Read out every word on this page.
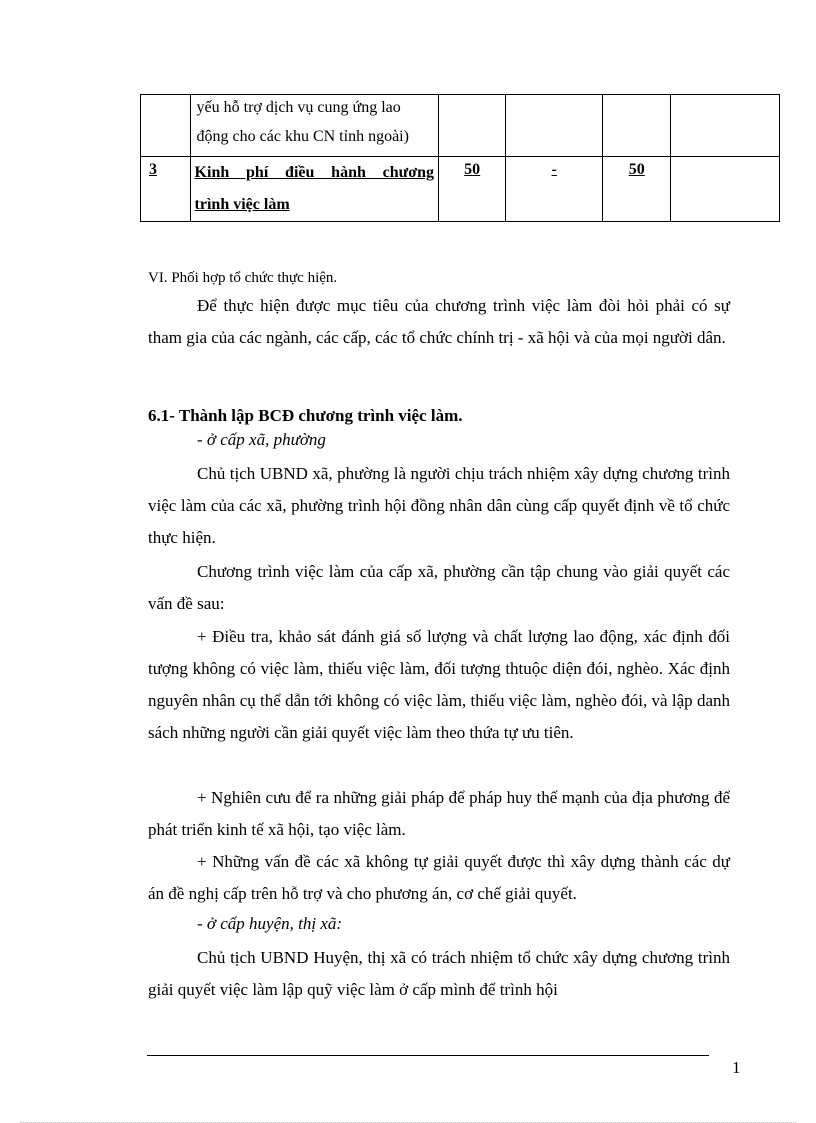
	yếu hỗ trợ dịch vụ cung ứng lao
động cho các khu CN tỉnh ngoài)				

3	Kinh phí điều hành chương
trình việc làm	50	-	50	

VI. Phối hợp tổ chức thực hiện.
Để thực hiện được mục tiêu của chương trình việc làm đòi hỏi phải có sự tham gia của các ngành, các cấp, các tổ chức chính trị - xã hội và của mọi người dân.
6.1- Thành lập BCĐ chương trình việc làm.
- ở cấp xã, phường
Chủ tịch UBND xã, phường là người chịu trách nhiệm xây dựng chương trình việc làm của các xã, phường trình hội đồng nhân dân cùng cấp quyết định về tổ chức thực hiện.
Chương trình việc làm của cấp xã, phường cần tập chung vào giải quyết các vấn đề sau:
+ Điều tra, khảo sát đánh giá số lượng và chất lượng lao động, xác định đối tượng không có việc làm, thiếu việc làm, đối tượng thtuộc diện đói, nghèo. Xác định nguyên nhân cụ thể dẫn tới không có việc làm, thiếu việc làm, nghèo đói, và lập danh sách những người cần giải quyết việc làm theo thứa tự ưu tiên.
+ Nghiên cưu để ra những giải pháp để pháp huy thế mạnh của địa phương để phát triển kinh tế xã hội, tạo việc làm.
+ Những vấn đề các xã không tự giải quyết được thì xây dựng thành các dự án đề nghị cấp trên hỗ trợ và cho phương án, cơ chế giải quyết.
- ở cấp huyện, thị xã:
Chủ tịch UBND Huyện, thị xã có trách nhiệm tổ chức xây dựng chương trình giải quyết việc làm lập quỹ việc làm ở cấp mình để trình hội
1
